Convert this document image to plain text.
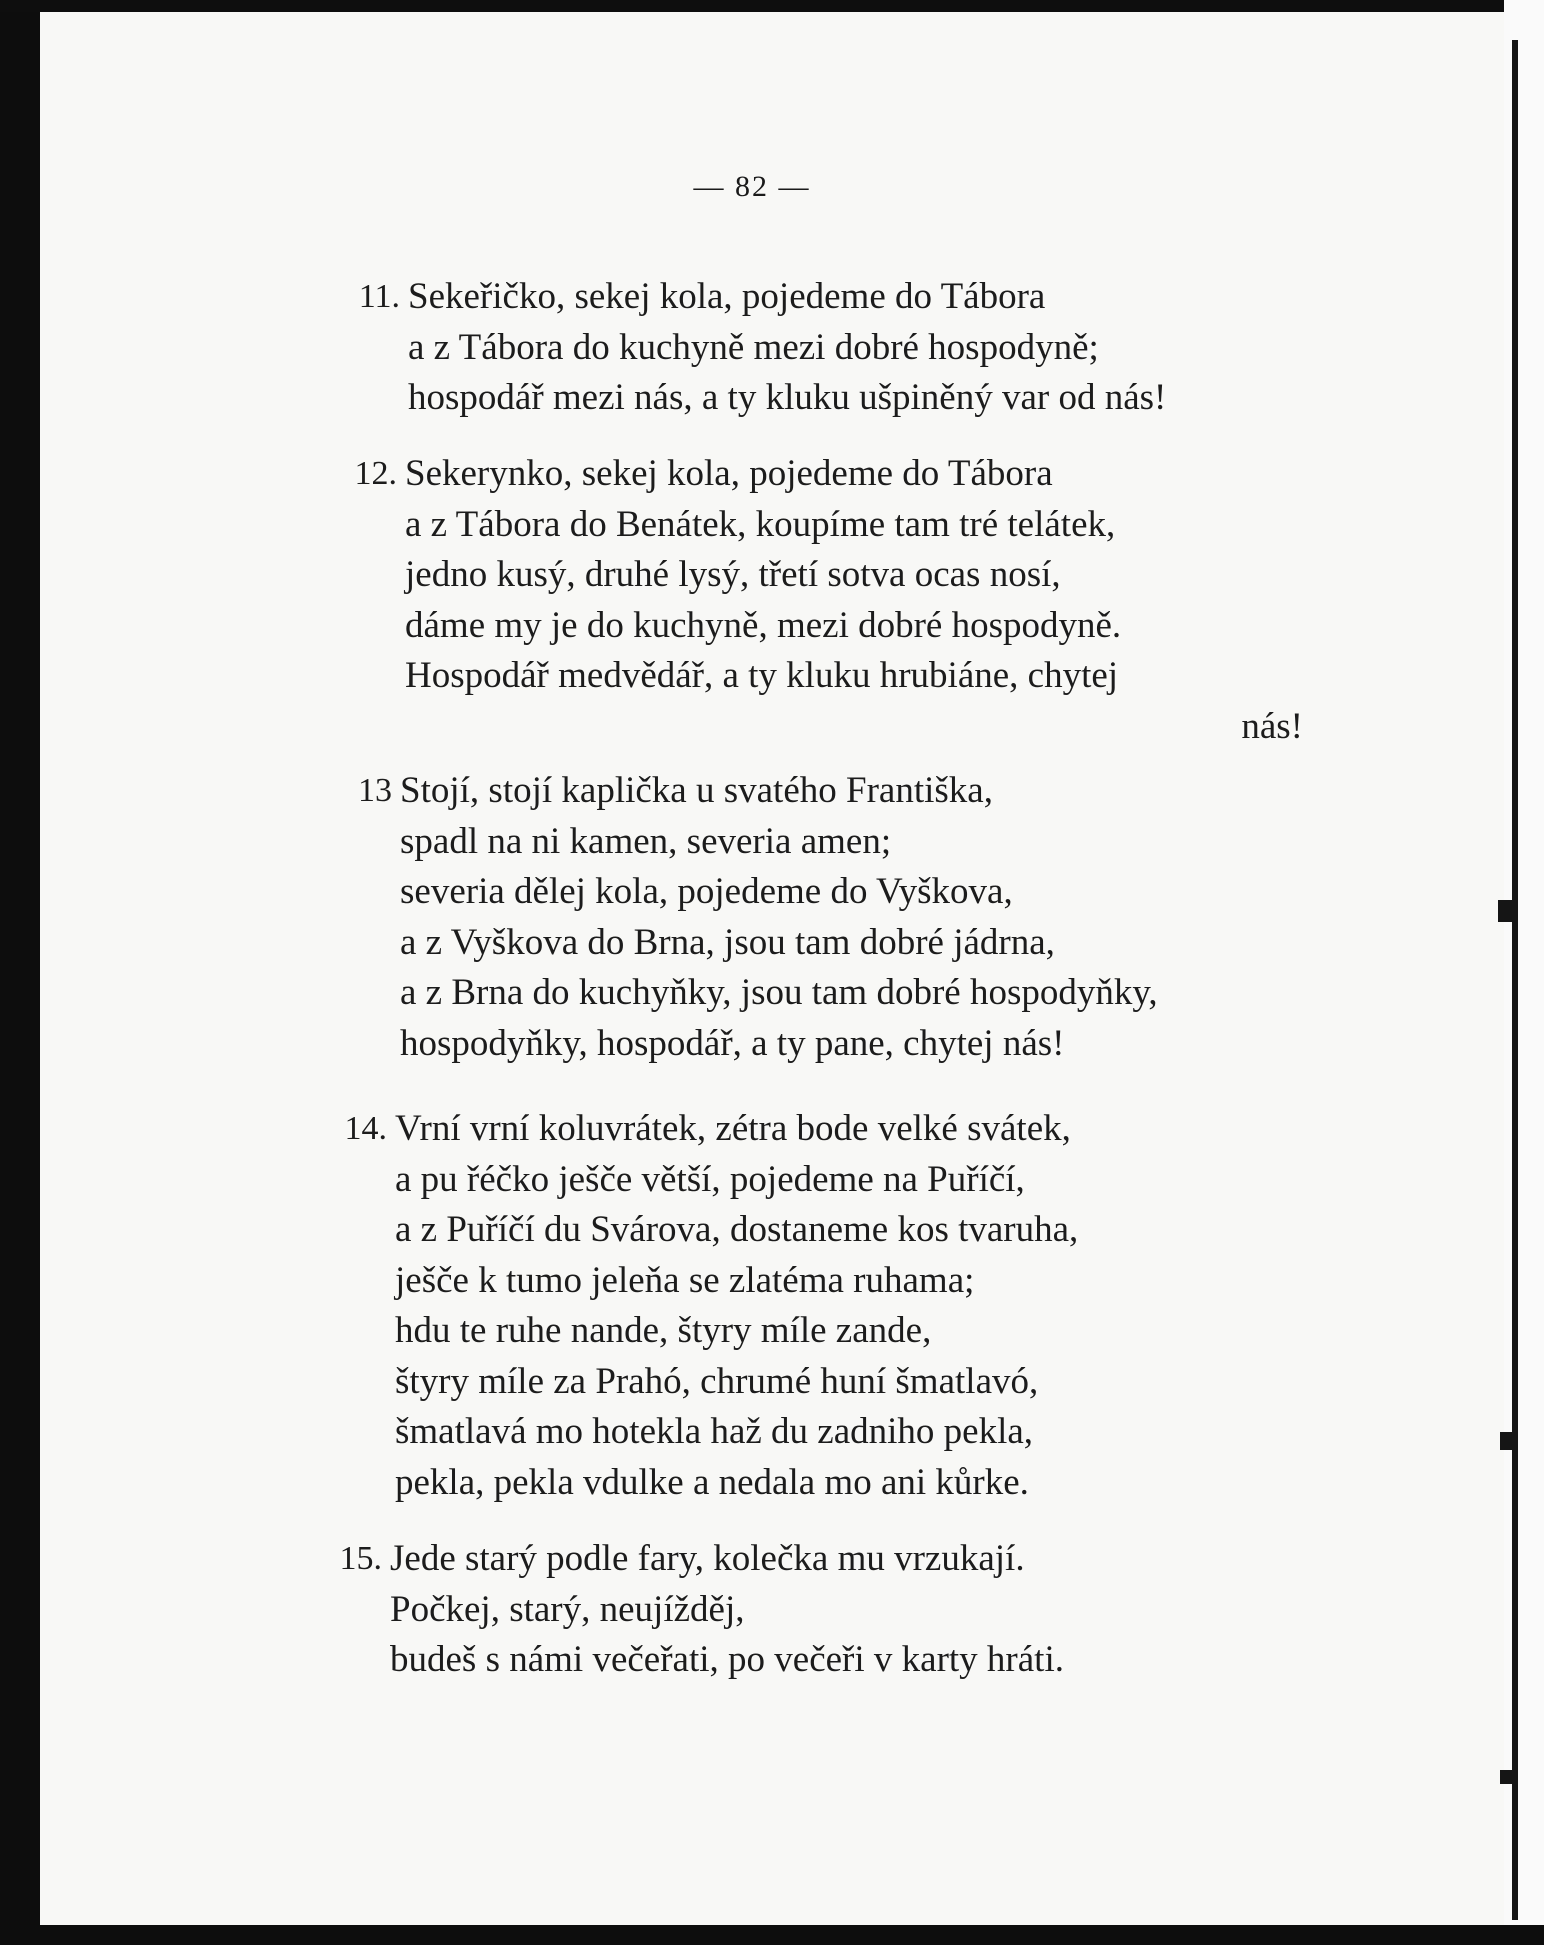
— 82 —
11. Sekeřičko, sekej kola, pojedeme do Tábora
a z Tábora do kuchyně mezi dobré hospodyně;
hospodář mezi nás, a ty kluku ušpiněný var od nás!
12. Sekerynko, sekej kola, pojedeme do Tábora
a z Tábora do Benátek, koupíme tam tré telátek,
jedno kusý, druhé lysý, třetí sotva ocas nosí,
dáme my je do kuchyně, mezi dobré hospodyně.
Hospodář medvědář, a ty kluku hrubiáne, chytej
nás!
13 Stojí, stojí kaplička u svatého Františka,
spadl na ni kamen, severia amen;
severia dělej kola, pojedeme do Vyškova,
a z Vyškova do Brna, jsou tam dobré jádrna,
a z Brna do kuchyňky, jsou tam dobré hospodyňky,
hospodyňky, hospodář, a ty pane, chytej nás!
14. Vrní vrní koluvrátek, zétra bode velké svátek,
a pu řéčko ješče větší, pojedeme na Puříčí,
a z Puříčí du Svárova, dostaneme kos tvaruha,
ješče k tumo jeleňa se zlatéma ruhama;
hdu te ruhe nande, štyry míle zande,
štyry míle za Prahó, chrumé huní šmatlavó,
šmatlavá mo hotekla haž du zadniho pekla,
pekla, pekla vdulke a nedala mo ani kůrke.
15. Jede starý podle fary, kolečka mu vrzukají.
Počkej, starý, neujížděj,
budeš s námi večeřati, po večeři v karty hráti.
